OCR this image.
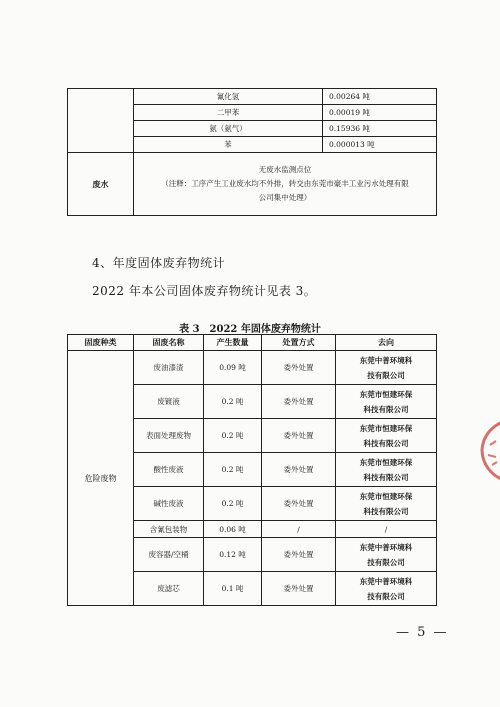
	氰化氢	0.00264 吨
	二甲苯	0.00019 吨
	氨（氨气）	0.15936 吨
	苯	0.000013 吨
废水	无废水监测点位
（注释：工序产生工业废水均不外排，转交由东莞市豪丰工业污水处理有限
公司集中处理）	
4、年度固体废弃物统计
2022 年本公司固体废弃物统计见表 3。
表 3　2022 年固体废弃物统计
固废种类	固废名称	产生数量	处置方式	去向
危险废物	废油漆渣	0.09 吨	委外处置	东莞中普环境科
技有限公司

	废镀液	0.2 吨	委外处置	东莞市恒建环保
科技有限公司

	表面处理废物	0.2 吨	委外处置	东莞市恒建环保
科技有限公司

	酸性废液	0.2 吨	委外处置	东莞市恒建环保
科技有限公司

	碱性废液	0.2 吨	委外处置	东莞市恒建环保
科技有限公司

	含氰包装物	0.06 吨	/	/
	废容器/空桶	0.12 吨	委外处置	东莞中普环境科
技有限公司

	废滤芯	0.1 吨	委外处置	东莞中普环境科
技有限公司
— 5 —
